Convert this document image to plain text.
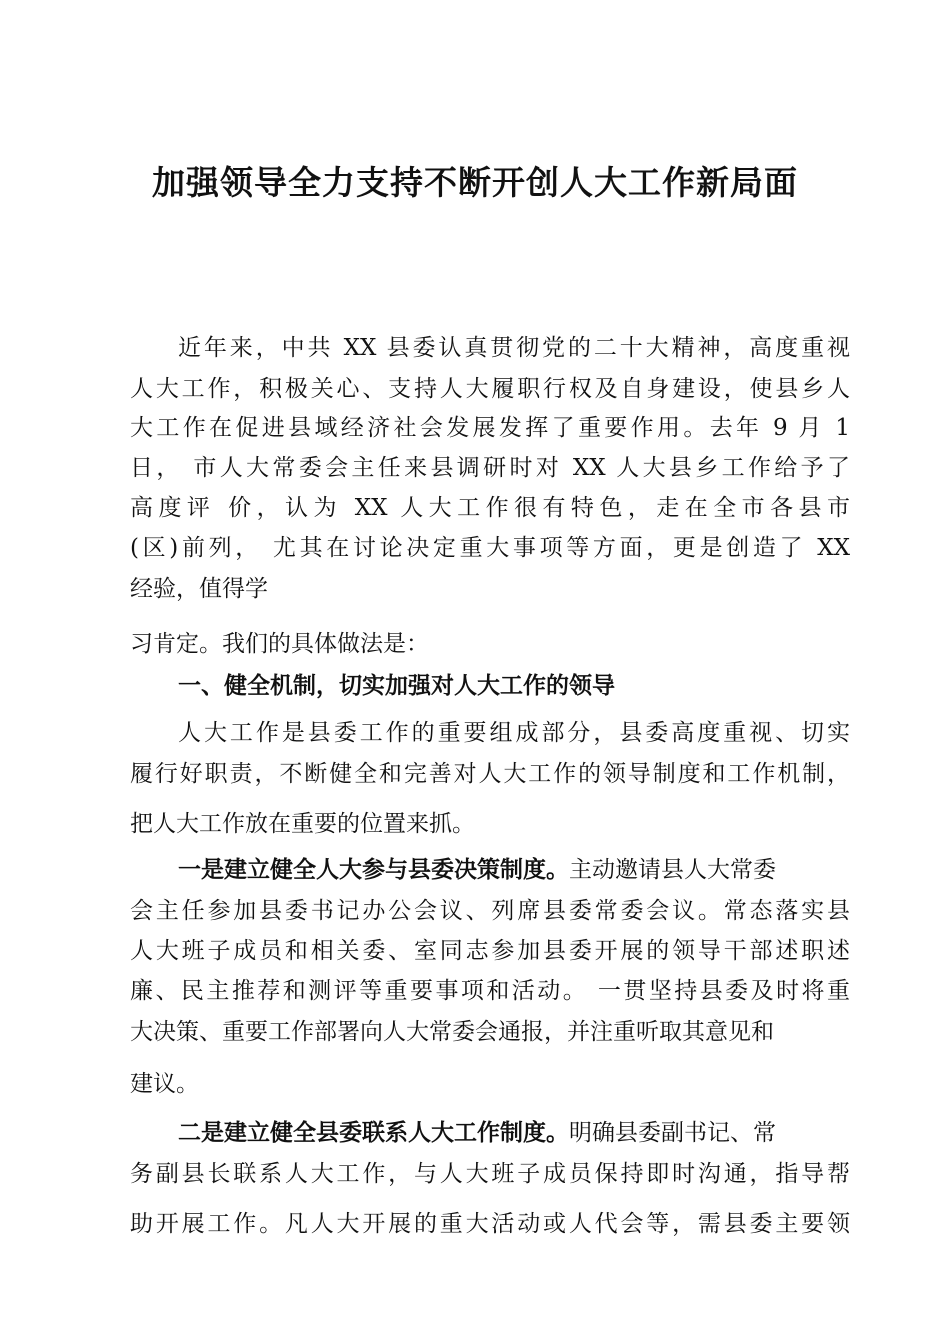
加强领导全力支持不断开创人大工作新局面
近年来，中共 XX 县委认真贯彻党的二十大精神，高度重视
人大工作，积极关心、支持人大履职行权及自身建设，使县乡人
大工作在促进县域经济社会发展发挥了重要作用。去年 9 月 1
日， 市人大常委会主任来县调研时对 XX 人大县乡工作给予了
高度评 价，认为 XX 人大工作很有特色，走在全市各县市
(区)前列， 尤其在讨论决定重大事项等方面，更是创造了 XX
经验，值得学
习肯定。我们的具体做法是：
一、健全机制，切实加强对人大工作的领导
人大工作是县委工作的重要组成部分，县委高度重视、切实
履行好职责，不断健全和完善对人大工作的领导制度和工作机制，
把人大工作放在重要的位置来抓。
一是建立健全人大参与县委决策制度。主动邀请县人大常委
会主任参加县委书记办公会议、列席县委常委会议。常态落实县
人大班子成员和相关委、室同志参加县委开展的领导干部述职述
廉、民主推荐和测评等重要事项和活动。 一贯坚持县委及时将重
大决策、重要工作部署向人大常委会通报，并注重听取其意见和
建议。
二是建立健全县委联系人大工作制度。明确县委副书记、常
务副县长联系人大工作，与人大班子成员保持即时沟通，指导帮
助开展工作。凡人大开展的重大活动或人代会等，需县委主要领
